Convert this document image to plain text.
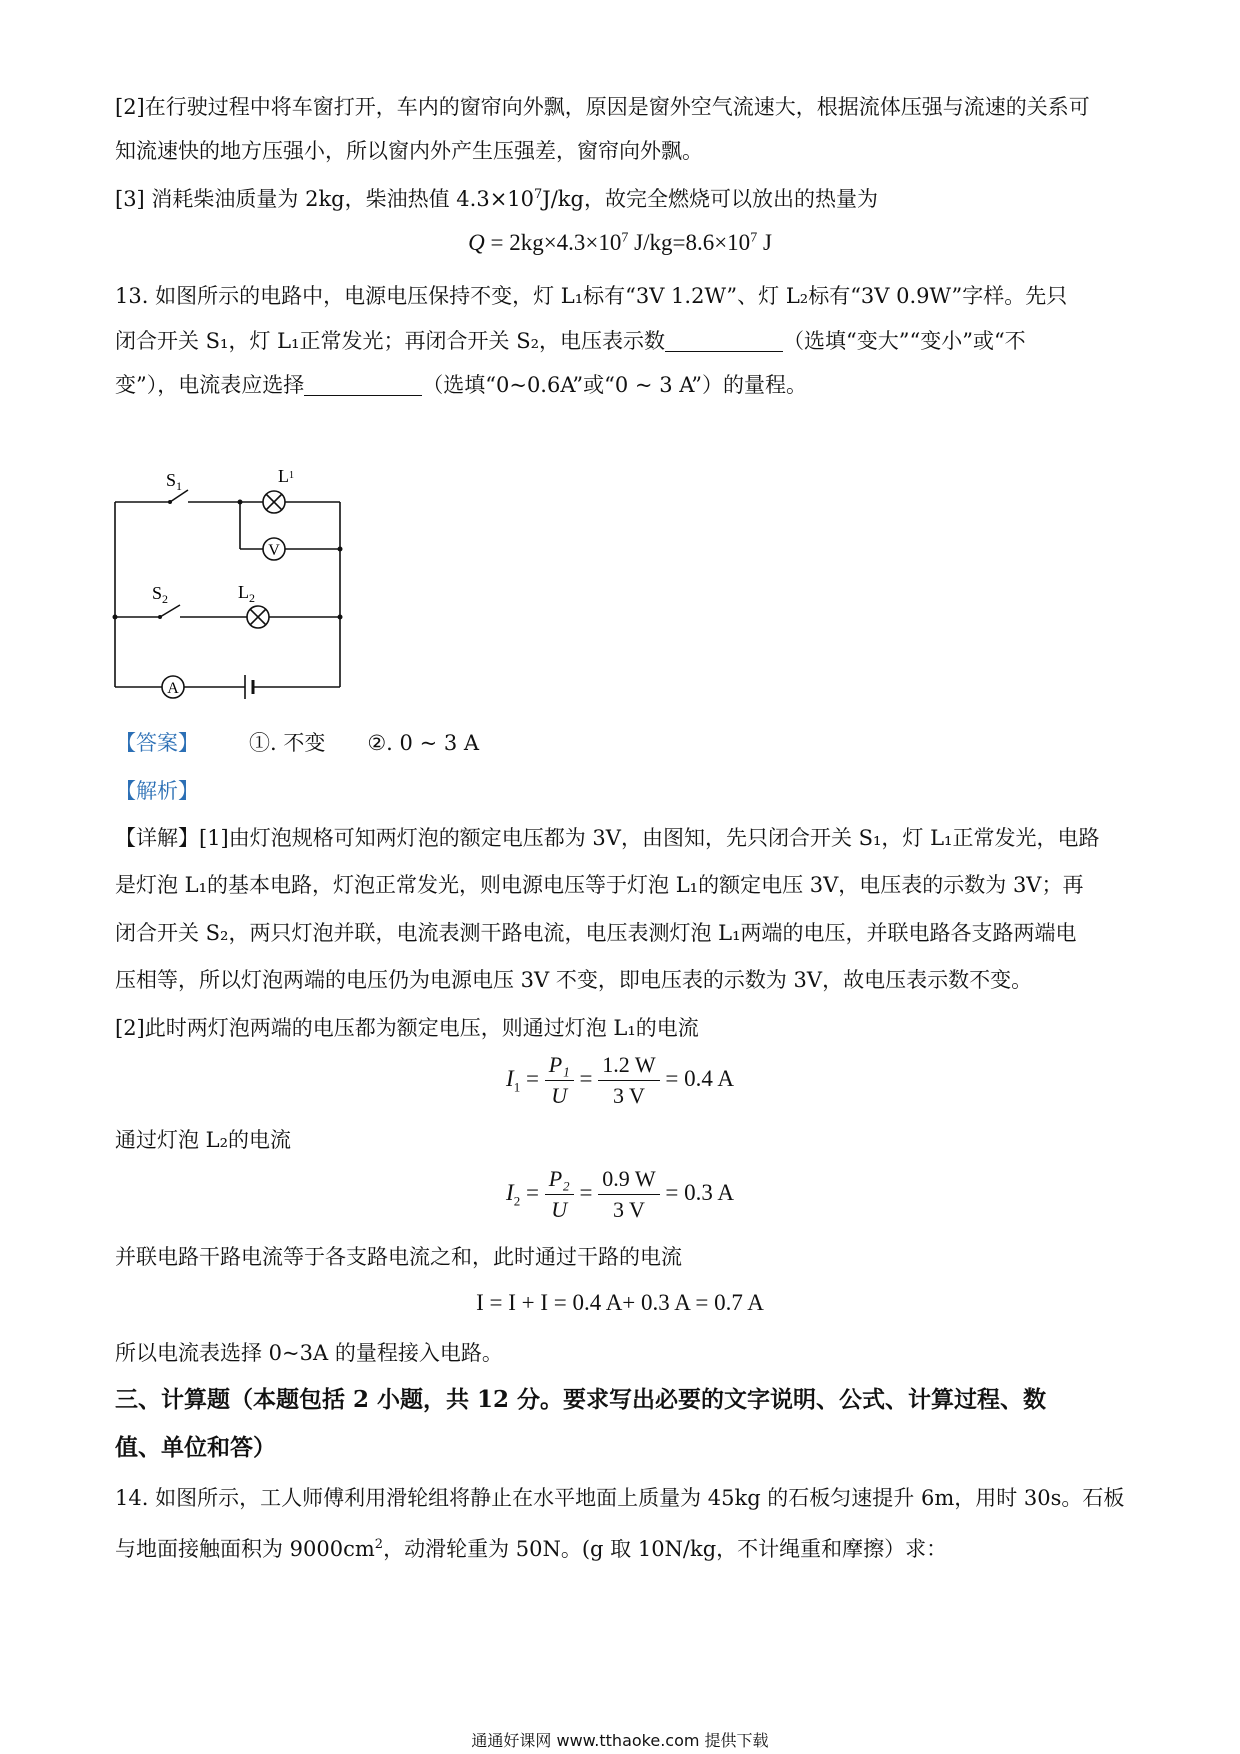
[2]在行驶过程中将车窗打开，车内的窗帘向外飘，原因是窗外空气流速大，根据流体压强与流速的关系可
知流速快的地方压强小，所以窗内外产生压强差，窗帘向外飘。
[3] 消耗柴油质量为 2kg，柴油热值 $4.3\times 10^7J/kg$，故完全燃烧可以放出的热量为
$Q = 2kg\times 4.3\times 10^7$ $J/kg=8.6\times 10^7$ J
13. 如图所示的电路中，电源电压保持不变，灯 L₁标有“3V 1.2W”、灯 L₂标有“3V 0.9W”字样。先只
闭合开关 S₁，灯 L₁正常发光；再闭合开关 S₂，电压表示数	（选填“变大”“变小”或“不
变”），电流表应选择	（选填“0~0.6A”或“0 ~ 3 A”）的量程。
V
A
$S_1$	$L^1$
$S_2$	$L_2$
【答案】 ①. 不变 ②. 0 ~ 3 A
【解析】
【详解】[1]由灯泡规格可知两灯泡的额定电压都为 3V，由图知，先只闭合开关 S₁，灯 L₁正常发光，电路
是灯泡 L₁的基本电路，灯泡正常发光，则电源电压等于灯泡 L₁的额定电压 3V，电压表的示数为 3V；再
闭合开关 S₂，两只灯泡并联，电流表测干路电流，电压表测灯泡 L₁两端的电压，并联电路各支路两端电
压相等，所以灯泡两端的电压仍为电源电压 3V 不变，即电压表的示数为 3V，故电压表示数不变。
[2]此时两灯泡两端的电压都为额定电压，则通过灯泡 L₁的电流
$I_1 = \frac{\text{P₁}}{U} = \frac{1.2 W}{3 V} = 0.4$ A
通过灯泡 L₂的电流
$I_2 = \frac{\text{P₂}}{U} = \frac{0.9 W}{3 V} = 0.3$ A
并联电路干路电流等于各支路电流之和，此时通过干路的电流
I = I + I = 0.4 A+ 0.3 A = 0.7 A
所以电流表选择 0~3A 的量程接入电路。
三、计算题（本题包括 2 小题，共 12 分。要求写出必要的文字说明、公式、计算过程、数
值、单位和答）
14. 如图所示，工人师傅利用滑轮组将静止在水平地面上质量为 45kg 的石板匀速提升 6m，用时 30s。石板
与地面接触面积为 $9000cm^2$，动滑轮重为 50N。(g 取 10N/kg，不计绳重和摩擦）求：
通通好课网 www.tthaoke.com 提供下载
